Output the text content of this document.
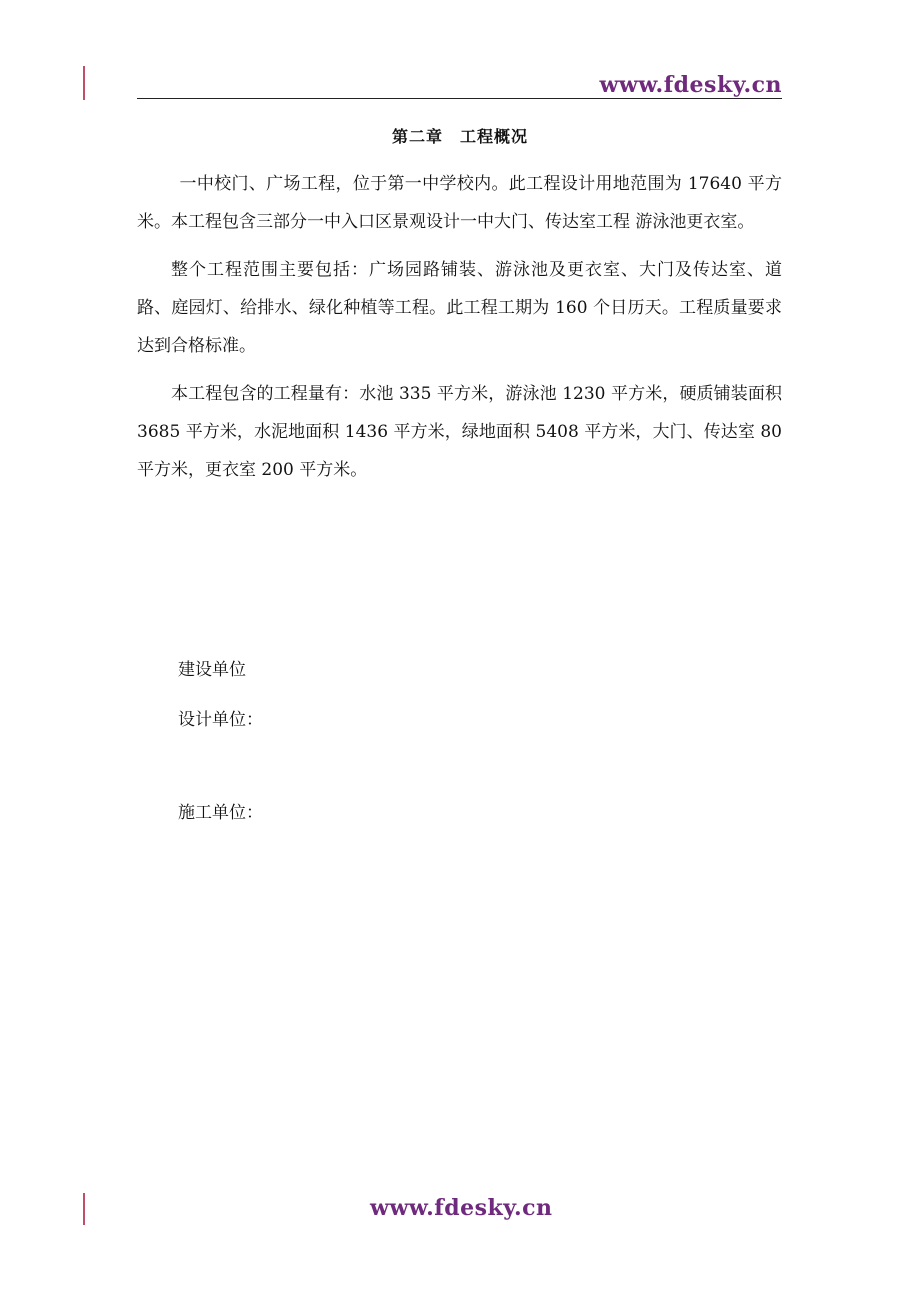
www.fdesky.cn
第二章　工程概况

一中校门、广场工程，位于第一中学校内。此工程设计用地范围为 17640 平方米。本工程包含三部分一中入口区景观设计一中大门、传达室工程 游泳池更衣室。

整个工程范围主要包括：广场园路铺装、游泳池及更衣室、大门及传达室、道路、庭园灯、给排水、绿化种植等工程。此工程工期为 160 个日历天。工程质量要求达到合格标准。

本工程包含的工程量有：水池 335 平方米，游泳池 1230 平方米，硬质铺装面积 3685 平方米，水泥地面积 1436 平方米，绿地面积 5408 平方米，大门、传达室 80 平方米，更衣室 200 平方米。

建设单位
设计单位：
施工单位：
www.fdesky.cn
